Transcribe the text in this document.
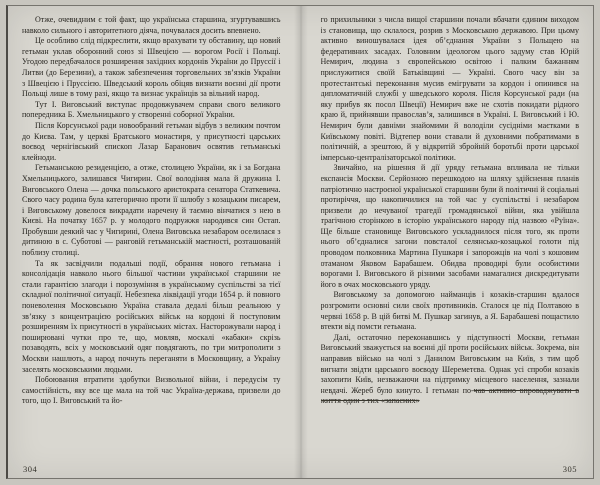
Отже, очевидним є той факт, що українська старшина, згуртувавшись навколо сильного і авторитетного діяча, почувалася досить впевнено.

Це особливо слід підкреслити, якщо врахувати ту обставину, що новий гетьман уклав оборонний союз зі Швецією — ворогом Росії і Польщі. Угодою передбачалося розширення західних кордонів України до Пруссії і Литви (до Березини), а також забезпечення торговельних зв’язків України з Швецією і Пруссією. Шведський король обіцяв визнати воєнні дії проти Польщі лише в тому разі, якщо та визнає українців за вільний народ.

Тут І. Виговський виступає продовжувачем справи свого великого попередника Б. Хмельницького у створенні соборної України.

Після Корсунської ради новообраний гетьман відбув з великим почтом до Києва. Там, у церкві Братського монастиря, у присутності царських воєвод чернігівський єпископ Лазар Баранович освятив гетьманські клейноди.

Гетьманською резиденцією, а отже, столицею України, як і за Богдана Хмельницького, залишався Чигирин. Свої володіння мала й дружина І. Виговського Олена — дочка польського аристократа сенатора Статкевича. Свого часу родина була категорично проти її шлюбу з козацьким писарем, і Виговському довелося викрадати наречену й таємно вінчатися з нею в Києві. На початку 1657 р. у молодого подружжя народився син Остап. Пробувши деякий час у Чигирині, Олена Виговська незабаром оселилася з дитиною в с. Суботові — ранговій гетьманській маєтності, розташованій поблизу столиці.

Та як засвідчили подальші події, обрання нового гетьмана і консолідація навколо нього більшої частини української старшини не стали гарантією злагоди і порозуміння в українському суспільстві за тієї складної політичної ситуації. Небезпека ліквідації угоди 1654 р. й повного поневолення Московською Україна ставала дедалі більш реальною у зв’язку з концентрацією російських військ на кордоні й поступовим розширенням їх присутності в українських містах. Насторожували народ і поширювані чутки про те, що, мовляв, москалі «кабаки» скрізь позаводять, всіх у московський одяг повдягають, по три митрополити з Москви нашлють, а народ почнуть переганяти в Московщину, а Україну заселять московськими людьми.

Побоювання втратити здобутки Визвольної війни, і передусім ту самостійність, яку все ще мала на той час Україна-держава, призвели до того, що І. Виговський та йо-

304

го прихильники з числа вищої старшини почали вбачати єдиним виходом із становища, що склалося, розрив з Московською державою. При цьому активно виношувалася ідея об’єднання України з Польщею на федеративних засадах. Головним ідеологом цього задуму став Юрій Немирич, людина з європейською освітою і палким бажанням прислужитися своїй Батьківщині — Україні. Свого часу він за протестантські переконання мусив емігрувати за кордон і опинився на дипломатичній службі у шведського короля. Після Корсунської ради (на яку прибув як посол Швеції) Немирич вже не схотів покидати рідного краю й, прийнявши православ’я, залишився в Україні. І. Виговський і Ю. Немирич були давніми знайомими й володіли сусідніми маєтками в Київському повіті. Відтепер вони ставали й духовними побратимами в політичній, а зрештою, й у відкритій збройній боротьбі проти царської імперсько-централізаторської політики.

Звичайно, на рішення й дії уряду гетьмана впливала не тільки експансія Москви. Серйозною перешкодою на шляху здійснення планів патріотично настроєної української старшини були й політичні й соціальні протиріччя, що накопичилися на той час у суспільстві і незабаром призвели до нечуваної трагедії громадянської війни, яка увійшла трагічною сторінкою в історію українського народу під назвою «Руїна». Ще більше становище Виговського ускладнилося після того, як проти нього об’єдналися загони повсталої селянсько-козацької голоти під проводом полковника Мартина Пушкаря і запорожців на чолі з кошовим отаманом Яковом Барабашем. Обидва проводирі були особистими ворогами І. Виговського й різними засобами намагалися дискредитувати його в очах московського уряду.

Виговському за допомогою найманців і козаків-старшин вдалося розгромити основні сили своїх противників. Сталося це під Полтавою в червні 1658 р. В цій битві М. Пушкар загинув, а Я. Барабашеві пощастило втекти від помсти гетьмана.

Далі, остаточно переконавшись у підступності Москви, гетьман Виговський зважується на воєнні дії проти російських військ. Зокрема, він направив військо на чолі з Данилом Виговським на Київ, з тим щоб вигнати звідти царського воєводу Шереметєва. Однак усі спроби козаків захопити Київ, незважаючи на підтримку місцевого населення, зазнали невдачі. Жереб було кинуто. І гетьман по-чав активно впроваджувати в життя один з тих «запасних»

305
